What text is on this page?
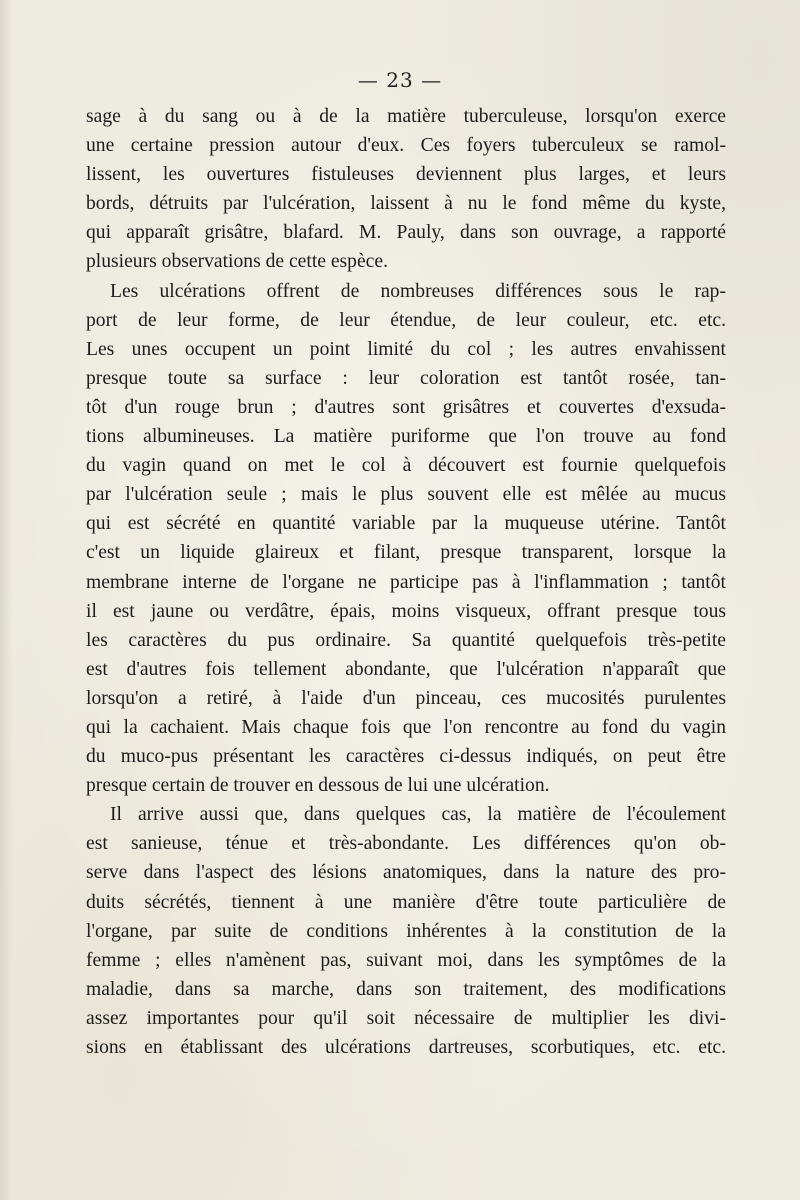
— 23 —
sage à du sang ou à de la matière tuberculeuse, lorsqu'on exerce
une certaine pression autour d'eux. Ces foyers tuberculeux se ramol-
lissent, les ouvertures fistuleuses deviennent plus larges, et leurs
bords, détruits par l'ulcération, laissent à nu le fond même du kyste,
qui apparaît grisâtre, blafard. M. Pauly, dans son ouvrage, a rapporté
plusieurs observations de cette espèce.
Les ulcérations offrent de nombreuses différences sous le rap-
port de leur forme, de leur étendue, de leur couleur, etc. etc.
Les unes occupent un point limité du col ; les autres envahissent
presque toute sa surface : leur coloration est tantôt rosée, tan-
tôt d'un rouge brun ; d'autres sont grisâtres et couvertes d'exsuda-
tions albumineuses. La matière puriforme que l'on trouve au fond
du vagin quand on met le col à découvert est fournie quelquefois
par l'ulcération seule ; mais le plus souvent elle est mêlée au mucus
qui est sécrété en quantité variable par la muqueuse utérine. Tantôt
c'est un liquide glaireux et filant, presque transparent, lorsque la
membrane interne de l'organe ne participe pas à l'inflammation ; tantôt
il est jaune ou verdâtre, épais, moins visqueux, offrant presque tous
les caractères du pus ordinaire. Sa quantité quelquefois très-petite
est d'autres fois tellement abondante, que l'ulcération n'apparaît que
lorsqu'on a retiré, à l'aide d'un pinceau, ces mucosités purulentes
qui la cachaient. Mais chaque fois que l'on rencontre au fond du vagin
du muco-pus présentant les caractères ci-dessus indiqués, on peut être
presque certain de trouver en dessous de lui une ulcération.
Il arrive aussi que, dans quelques cas, la matière de l'écoulement
est sanieuse, ténue et très-abondante. Les différences qu'on ob-
serve dans l'aspect des lésions anatomiques, dans la nature des pro-
duits sécrétés, tiennent à une manière d'être toute particulière de
l'organe, par suite de conditions inhérentes à la constitution de la
femme ; elles n'amènent pas, suivant moi, dans les symptômes de la
maladie, dans sa marche, dans son traitement, des modifications
assez importantes pour qu'il soit nécessaire de multiplier les divi-
sions en établissant des ulcérations dartreuses, scorbutiques, etc. etc.
